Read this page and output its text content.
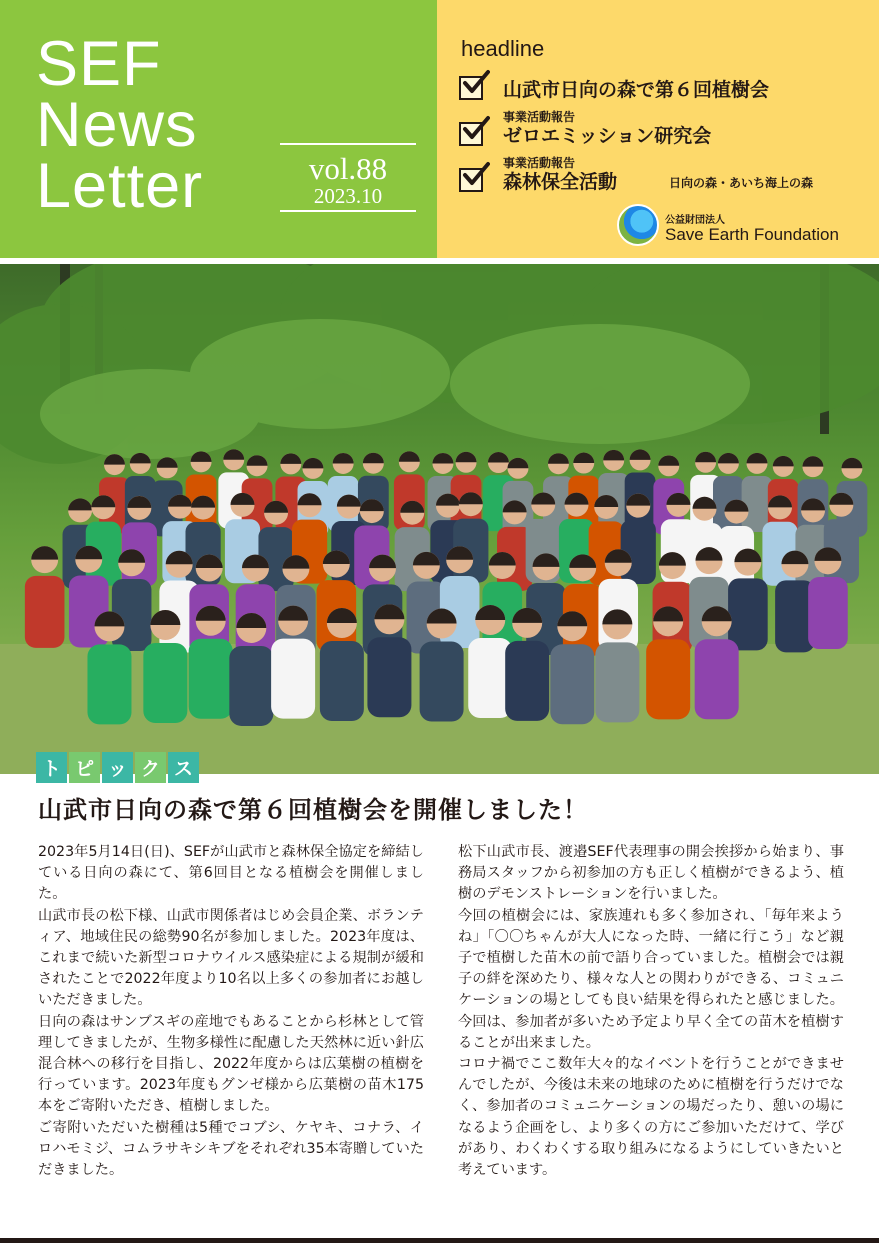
SEF
News
Letter	vol.88
2023.10
headline
山武市日向の森で第６回植樹会
事業活動報告
ゼロエミッション研究会
事業活動報告
森林保全活動	日向の森・あいち海上の森
公益財団法人
Save Earth Foundation
ト ピ ッ ク ス
山武市日向の森で第６回植樹会を開催しました！

2023年5月14日(日)、SEFが山武市と森林保全協定を締結している日向の森にて、第6回目となる植樹会を開催しました。

山武市長の松下様、山武市関係者はじめ会員企業、ボランティア、地域住民の総勢90名が参加しました。2023年度は、これまで続いた新型コロナウイルス感染症による規制が緩和されたことで2022年度より10名以上多くの参加者にお越しいただきました。

日向の森はサンブスギの産地でもあることから杉林として管理してきましたが、生物多様性に配慮した天然林に近い針広混合林への移行を目指し、2022年度からは広葉樹の植樹を行っています。2023年度もグンゼ様から広葉樹の苗木175本をご寄附いただき、植樹しました。

ご寄附いただいた樹種は5種でコブシ、ケヤキ、コナラ、イロハモミジ、コムラサキシキブをそれぞれ35本寄贈していただきました。

松下山武市長、渡邉SEF代表理事の開会挨拶から始まり、事務局スタッフから初参加の方も正しく植樹ができるよう、植樹のデモンストレーションを行いました。

今回の植樹会には、家族連れも多く参加され、「毎年来ようね」「〇〇ちゃんが大人になった時、一緒に行こう」など親子で植樹した苗木の前で語り合っていました。植樹会では親子の絆を深めたり、様々な人との関わりができる、コミュニケーションの場としても良い結果を得られたと感じました。今回は、参加者が多いため予定より早く全ての苗木を植樹することが出来ました。

コロナ禍でここ数年大々的なイベントを行うことができませんでしたが、今後は未来の地球のために植樹を行うだけでなく、参加者のコミュニケーションの場だったり、憩いの場になるよう企画をし、より多くの方にご参加いただけて、学びがあり、わくわくする取り組みになるようにしていきたいと考えています。
